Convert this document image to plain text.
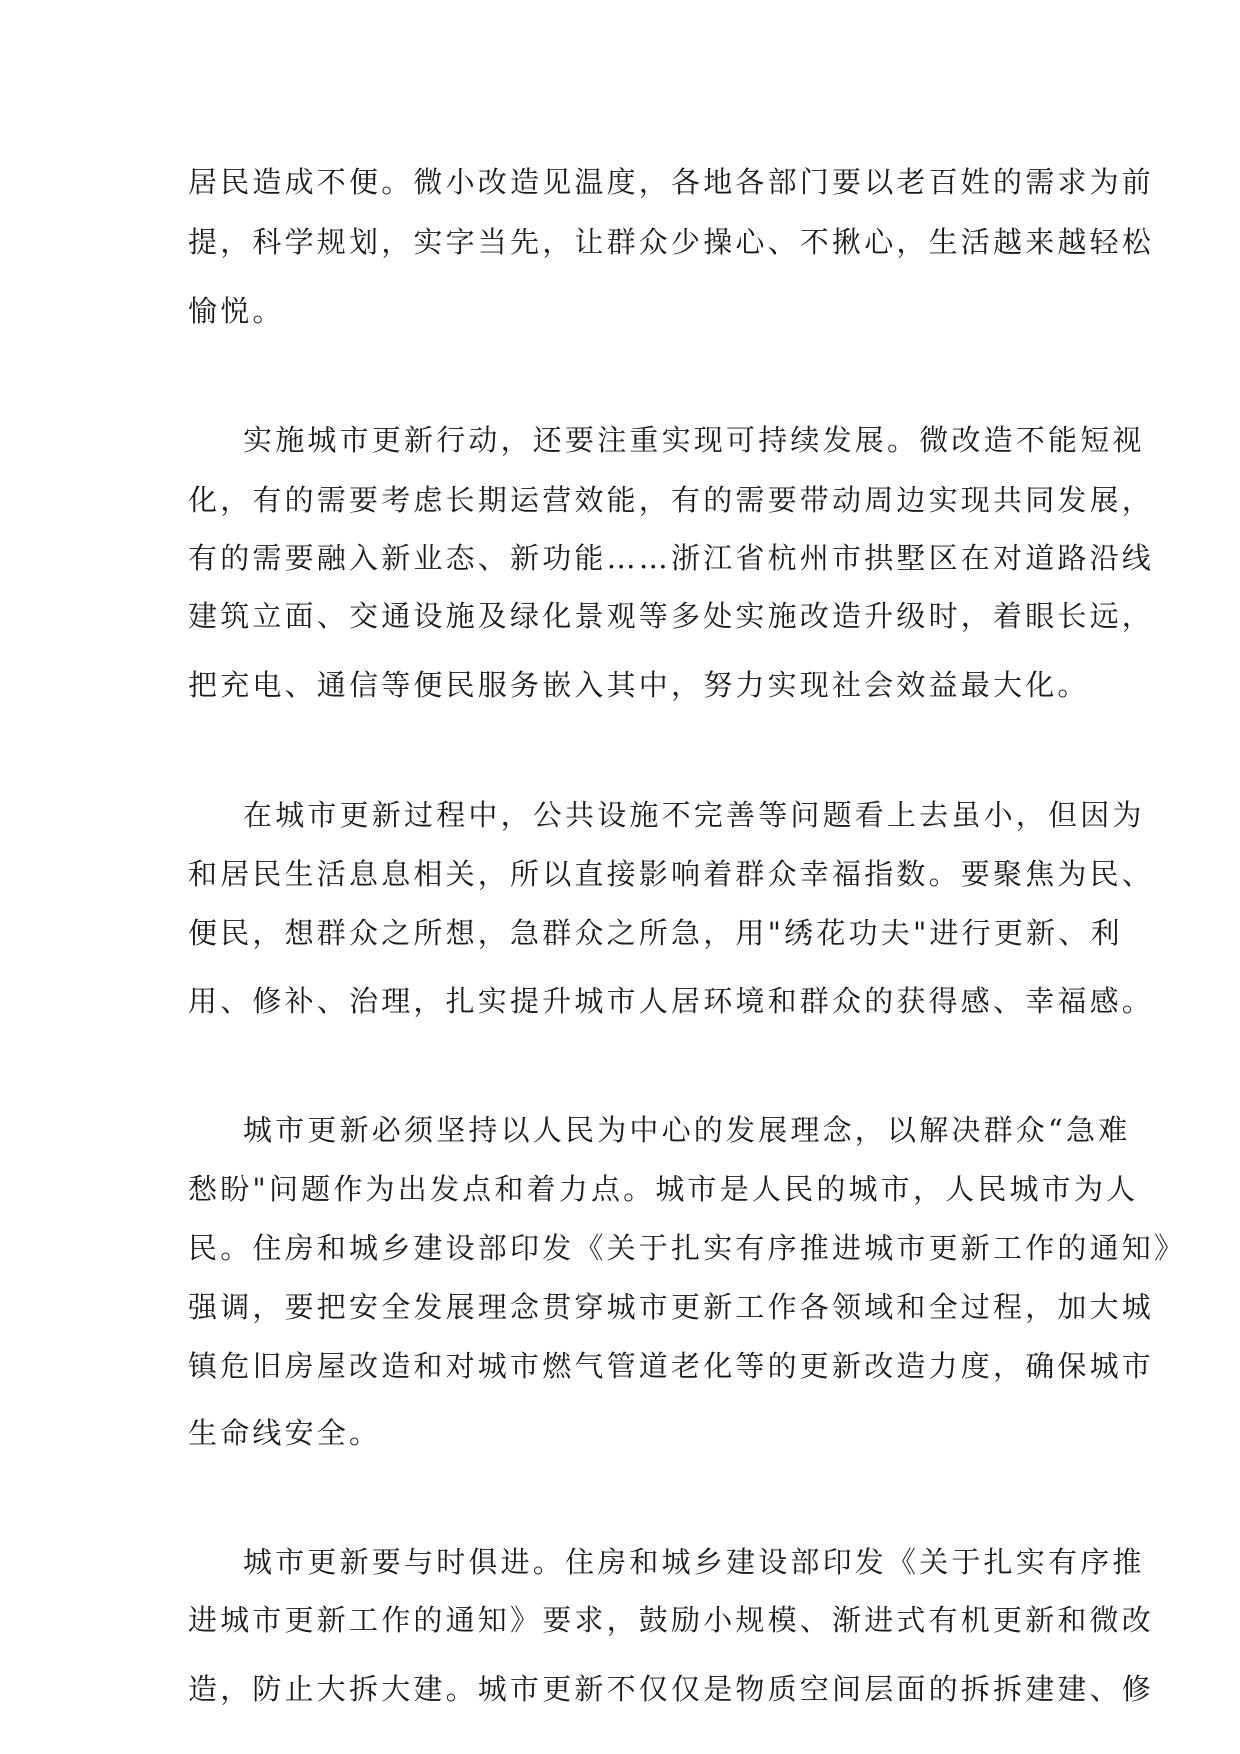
居民造成不便。微小改造见温度，各地各部门要以老百姓的需求为前
提，科学规划，实字当先，让群众少操心、不揪心，生活越来越轻松
愉悦。
实施城市更新行动，还要注重实现可持续发展。微改造不能短视
化，有的需要考虑长期运营效能，有的需要带动周边实现共同发展，
有的需要融入新业态、新功能……浙江省杭州市拱墅区在对道路沿线
建筑立面、交通设施及绿化景观等多处实施改造升级时，着眼长远，
把充电、通信等便民服务嵌入其中，努力实现社会效益最大化。
在城市更新过程中，公共设施不完善等问题看上去虽小，但因为
和居民生活息息相关，所以直接影响着群众幸福指数。要聚焦为民、
便民，想群众之所想，急群众之所急，用"绣花功夫"进行更新、利
用、修补、治理，扎实提升城市人居环境和群众的获得感、幸福感。
城市更新必须坚持以人民为中心的发展理念，以解决群众“急难
愁盼"问题作为出发点和着力点。城市是人民的城市，人民城市为人
民。住房和城乡建设部印发《关于扎实有序推进城市更新工作的通知》
强调，要把安全发展理念贯穿城市更新工作各领域和全过程，加大城
镇危旧房屋改造和对城市燃气管道老化等的更新改造力度，确保城市
生命线安全。
城市更新要与时俱进。住房和城乡建设部印发《关于扎实有序推
进城市更新工作的通知》要求，鼓励小规模、渐进式有机更新和微改
造，防止大拆大建。城市更新不仅仅是物质空间层面的拆拆建建、修
